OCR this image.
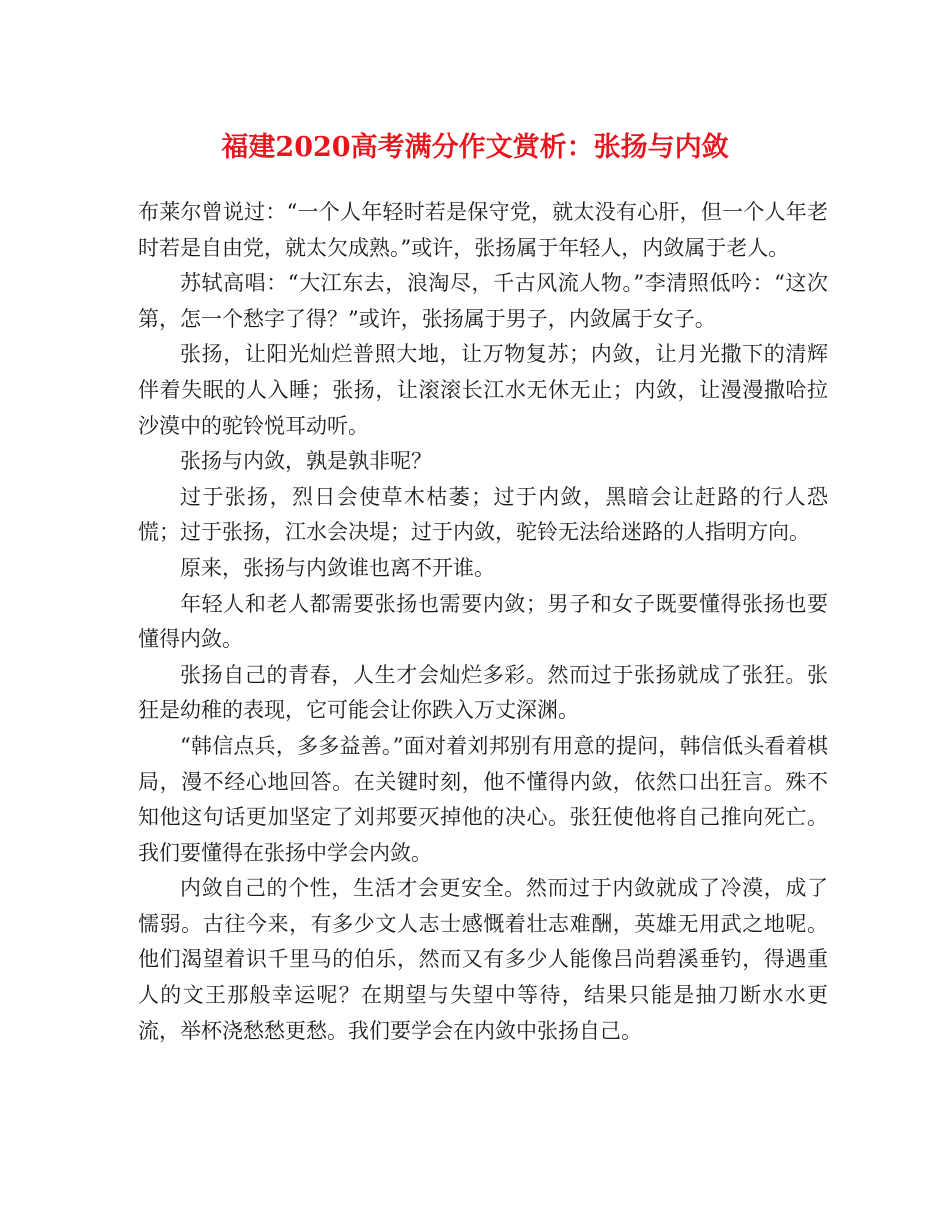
福建2020高考满分作文赏析：张扬与内敛

布莱尔曾说过：“一个人年轻时若是保守党，就太没有心肝，但一个人年老时若是自由党，就太欠成熟。”或许，张扬属于年轻人，内敛属于老人。

苏轼高唱：“大江东去，浪淘尽，千古风流人物。”李清照低吟：“这次第，怎一个愁字了得？”或许，张扬属于男子，内敛属于女子。

张扬，让阳光灿烂普照大地，让万物复苏；内敛，让月光撒下的清辉伴着失眠的人入睡；张扬，让滚滚长江水无休无止；内敛，让漫漫撒哈拉沙漠中的驼铃悦耳动听。

张扬与内敛，孰是孰非呢？

过于张扬，烈日会使草木枯萎；过于内敛，黑暗会让赶路的行人恐慌；过于张扬，江水会决堤；过于内敛，驼铃无法给迷路的人指明方向。

原来，张扬与内敛谁也离不开谁。

年轻人和老人都需要张扬也需要内敛；男子和女子既要懂得张扬也要懂得内敛。

张扬自己的青春，人生才会灿烂多彩。然而过于张扬就成了张狂。张狂是幼稚的表现，它可能会让你跌入万丈深渊。

“韩信点兵，多多益善。”面对着刘邦别有用意的提问，韩信低头看着棋局，漫不经心地回答。在关键时刻，他不懂得内敛，依然口出狂言。殊不知他这句话更加坚定了刘邦要灭掉他的决心。张狂使他将自己推向死亡。我们要懂得在张扬中学会内敛。

内敛自己的个性，生活才会更安全。然而过于内敛就成了冷漠，成了懦弱。古往今来，有多少文人志士感慨着壮志难酬，英雄无用武之地呢。他们渴望着识千里马的伯乐，然而又有多少人能像吕尚碧溪垂钓，得遇重人的文王那般幸运呢？在期望与失望中等待，结果只能是抽刀断水水更流，举杯浇愁愁更愁。我们要学会在内敛中张扬自己。
